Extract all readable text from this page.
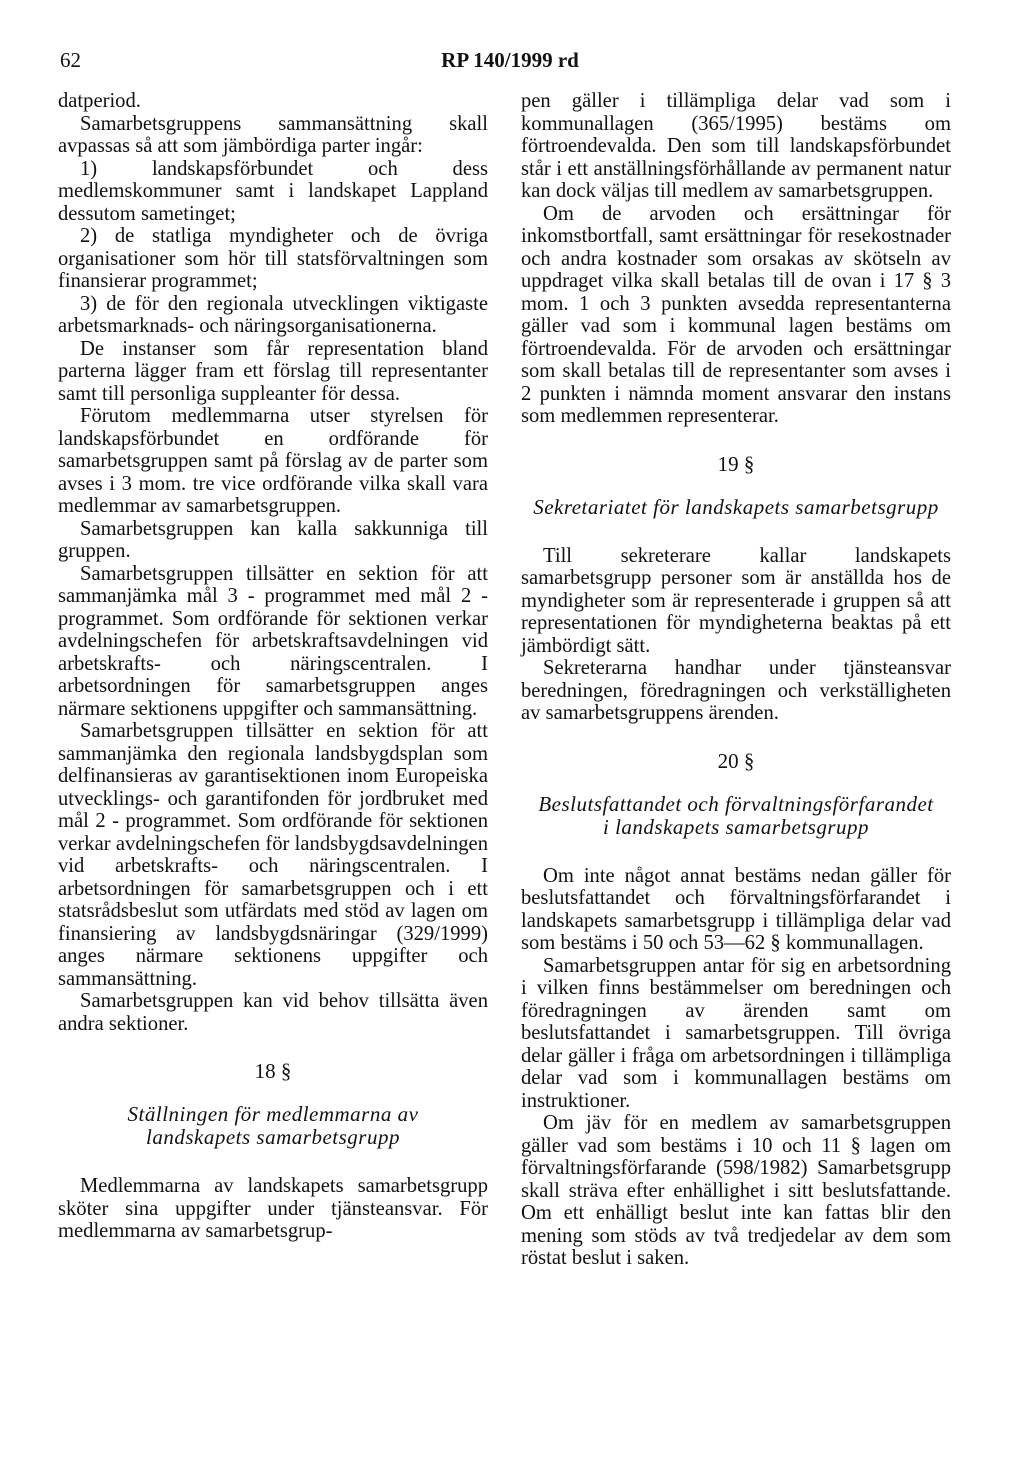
62	RP 140/1999 rd

datperiod.

Samarbetsgruppens sammansättning skall avpassas så att som jämbördiga parter ingår:

1) landskapsförbundet och dess medlemskommuner samt i landskapet Lappland dessutom sametinget;

2) de statliga myndigheter och de övriga organisationer som hör till statsförvaltningen som finansierar programmet;

3) de för den regionala utvecklingen viktigaste arbetsmarknads- och näringsorganisationerna.

De instanser som får representation bland parterna lägger fram ett förslag till representanter samt till personliga suppleanter för dessa.

Förutom medlemmarna utser styrelsen för landskapsförbundet en ordförande för samarbetsgruppen samt på förslag av de parter som avses i 3 mom. tre vice ordförande vilka skall vara medlemmar av samarbetsgruppen.

Samarbetsgruppen kan kalla sakkunniga till gruppen.

Samarbetsgruppen tillsätter en sektion för att sammanjämka mål 3 - programmet med mål 2 - programmet. Som ordförande för sektionen verkar avdelningschefen för arbetskraftsavdelningen vid arbetskrafts- och näringscentralen. I arbetsordningen för samarbetsgruppen anges närmare sektionens uppgifter och sammansättning.

Samarbetsgruppen tillsätter en sektion för att sammanjämka den regionala landsbygdsplan som delfinansieras av garantisektionen inom Europeiska utvecklings- och garantifonden för jordbruket med mål 2 - programmet. Som ordförande för sektionen verkar avdelningschefen för landsbygdsavdelningen vid arbetskrafts- och näringscentralen. I arbetsordningen för samarbetsgruppen och i ett statsrådsbeslut som utfärdats med stöd av lagen om finansiering av landsbygdsnäringar (329/1999) anges närmare sektionens uppgifter och sammansättning.

Samarbetsgruppen kan vid behov tillsätta även andra sektioner.

18 §
Ställningen för medlemmarna av
landskapets samarbetsgrupp

Medlemmarna av landskapets samarbetsgrupp sköter sina uppgifter under tjänsteansvar. För medlemmarna av samarbetsgrup-

pen gäller i tillämpliga delar vad som i kommunallagen (365/1995) bestäms om förtroendevalda. Den som till landskapsförbundet står i ett anställningsförhållande av permanent natur kan dock väljas till medlem av samarbetsgruppen.

Om de arvoden och ersättningar för inkomstbortfall, samt ersättningar för resekostnader och andra kostnader som orsakas av skötseln av uppdraget vilka skall betalas till de ovan i 17 § 3 mom. 1 och 3 punkten avsedda representanterna gäller vad som i kommunal lagen bestäms om förtroendevalda. För de arvoden och ersättningar som skall betalas till de representanter som avses i 2 punkten i nämnda moment ansvarar den instans som medlemmen representerar.

19 §
Sekretariatet för landskapets samarbetsgrupp

Till sekreterare kallar landskapets samarbetsgrupp personer som är anställda hos de myndigheter som är representerade i gruppen så att representationen för myndigheterna beaktas på ett jämbördigt sätt.

Sekreterarna handhar under tjänsteansvar beredningen, föredragningen och verkställigheten av samarbetsgruppens ärenden.

20 §
Beslutsfattandet och förvaltningsförfarandet
i landskapets samarbetsgrupp

Om inte något annat bestäms nedan gäller för beslutsfattandet och förvaltningsförfarandet i landskapets samarbetsgrupp i tillämpliga delar vad som bestäms i 50 och 53—62 § kommunallagen.

Samarbetsgruppen antar för sig en arbetsordning i vilken finns bestämmelser om beredningen och föredragningen av ärenden samt om beslutsfattandet i samarbetsgruppen. Till övriga delar gäller i fråga om arbetsordningen i tillämpliga delar vad som i kommunallagen bestäms om instruktioner.

Om jäv för en medlem av samarbetsgruppen gäller vad som bestäms i 10 och 11 § lagen om förvaltningsförfarande (598/1982) Samarbetsgrupp skall sträva efter enhällighet i sitt beslutsfattande. Om ett enhälligt beslut inte kan fattas blir den mening som stöds av två tredjedelar av dem som röstat beslut i saken.
